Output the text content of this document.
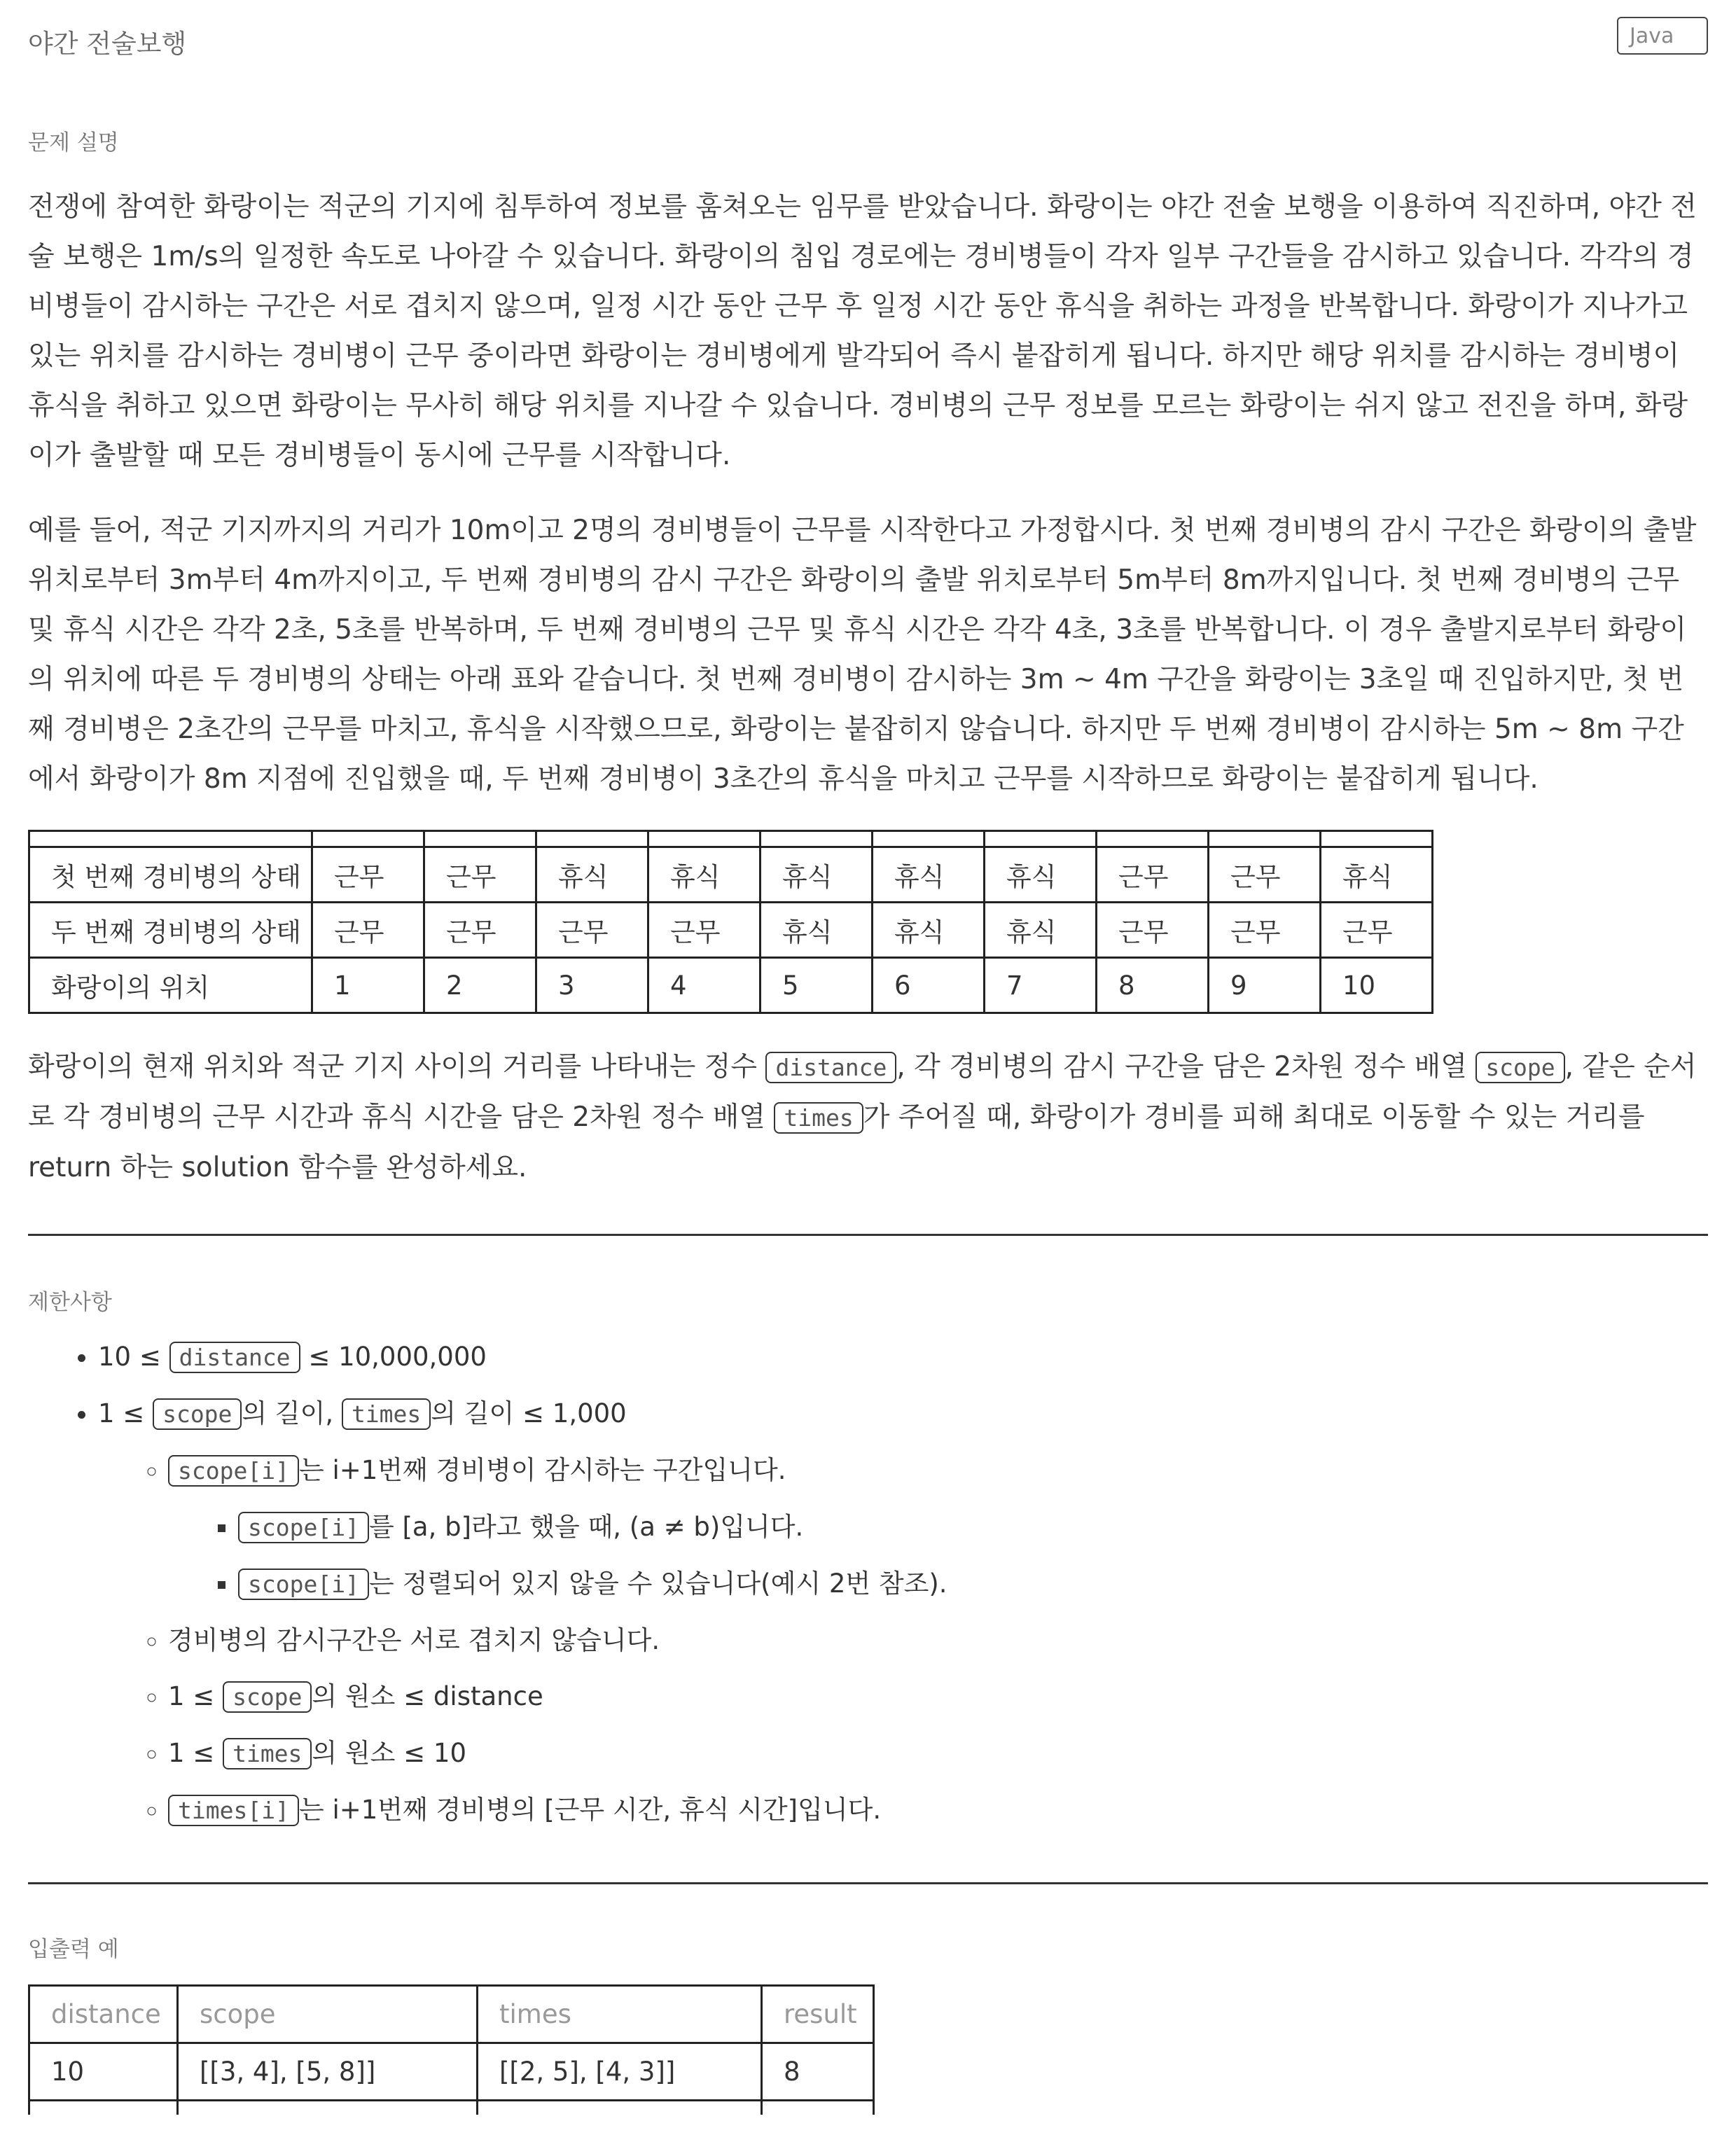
야간 전술보행	Java
문제 설명

전쟁에 참여한 화랑이는 적군의 기지에 침투하여 정보를 훔쳐오는 임무를 받았습니다. 화랑이는 야간 전술 보행을 이용하여 직진하며, 야간 전술 보행은 1m/s의 일정한 속도로 나아갈 수 있습니다. 화랑이의 침입 경로에는 경비병들이 각자 일부 구간들을 감시하고 있습니다. 각각의 경비병들이 감시하는 구간은 서로 겹치지 않으며, 일정 시간 동안 근무 후 일정 시간 동안 휴식을 취하는 과정을 반복합니다. 화랑이가 지나가고 있는 위치를 감시하는 경비병이 근무 중이라면 화랑이는 경비병에게 발각되어 즉시 붙잡히게 됩니다. 하지만 해당 위치를 감시하는 경비병이 휴식을 취하고 있으면 화랑이는 무사히 해당 위치를 지나갈 수 있습니다. 경비병의 근무 정보를 모르는 화랑이는 쉬지 않고 전진을 하며, 화랑이가 출발할 때 모든 경비병들이 동시에 근무를 시작합니다.

예를 들어, 적군 기지까지의 거리가 10m이고 2명의 경비병들이 근무를 시작한다고 가정합시다. 첫 번째 경비병의 감시 구간은 화랑이의 출발 위치로부터 3m부터 4m까지이고, 두 번째 경비병의 감시 구간은 화랑이의 출발 위치로부터 5m부터 8m까지입니다. 첫 번째 경비병의 근무 및 휴식 시간은 각각 2초, 5초를 반복하며, 두 번째 경비병의 근무 및 휴식 시간은 각각 4초, 3초를 반복합니다. 이 경우 출발지로부터 화랑이의 위치에 따른 두 경비병의 상태는 아래 표와 같습니다. 첫 번째 경비병이 감시하는 3m ~ 4m 구간을 화랑이는 3초일 때 진입하지만, 첫 번째 경비병은 2초간의 근무를 마치고, 휴식을 시작했으므로, 화랑이는 붙잡히지 않습니다. 하지만 두 번째 경비병이 감시하는 5m ~ 8m 구간에서 화랑이가 8m 지점에 진입했을 때, 두 번째 경비병이 3초간의 휴식을 마치고 근무를 시작하므로 화랑이는 붙잡히게 됩니다.

첫 번째 경비병의 상태	근무	근무	휴식	휴식	휴식	휴식	휴식	근무	근무	휴식
두 번째 경비병의 상태	근무	근무	근무	근무	휴식	휴식	휴식	근무	근무	근무
화랑이의 위치	1	2	3	4	5	6	7	8	9	10

화랑이의 현재 위치와 적군 기지 사이의 거리를 나타내는 정수 distance , 각 경비병의 감시 구간을 담은 2차원 정수 배열 scope , 같은 순서로 각 경비병의 근무 시간과 휴식 시간을 담은 2차원 정수 배열 times 가 주어질 때, 화랑이가 경비를 피해 최대로 이동할 수 있는 거리를 return 하는 solution 함수를 완성하세요.

제한사항
• 10 ≤ distance ≤ 10,000,000
• 1 ≤ scope 의 길이, times 의 길이 ≤ 1,000
◦ scope[i] 는 i+1번째 경비병이 감시하는 구간입니다.
▪ scope[i] 를 [a, b]라고 했을 때, (a ≠ b)입니다.
▪ scope[i] 는 정렬되어 있지 않을 수 있습니다(예시 2번 참조).
◦ 경비병의 감시구간은 서로 겹치지 않습니다.
◦ 1 ≤ scope 의 원소 ≤ distance
◦ 1 ≤ times 의 원소 ≤ 10
◦ times[i] 는 i+1번째 경비병의 [근무 시간, 휴식 시간]입니다.
입출력 예
distance	scope	times	result
10	[[3, 4], [5, 8]]	[[2, 5], [4, 3]]	8
